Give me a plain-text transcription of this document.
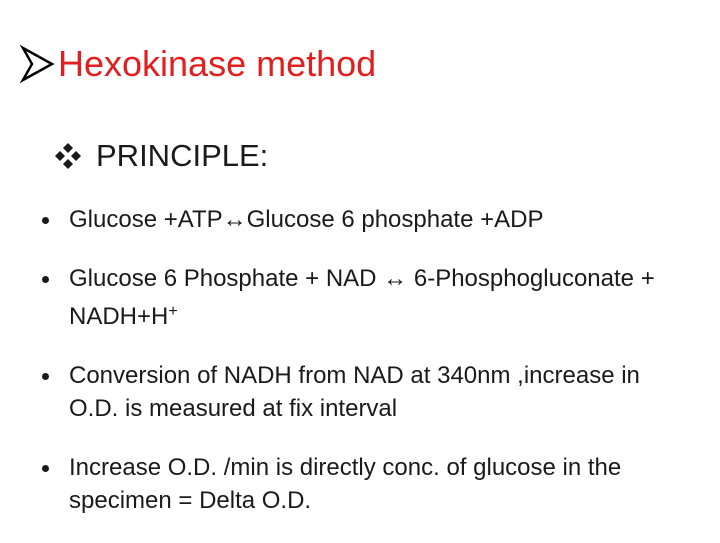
Hexokinase method
PRINCIPLE:
Glucose +ATP↔Glucose 6 phosphate +ADP
Glucose 6 Phosphate + NAD ↔ 6-Phosphogluconate + NADH+H+
Conversion of NADH from NAD at 340nm ,increase in O.D. is measured at fix interval
Increase O.D. /min is directly conc. of glucose in the specimen = Delta O.D.
